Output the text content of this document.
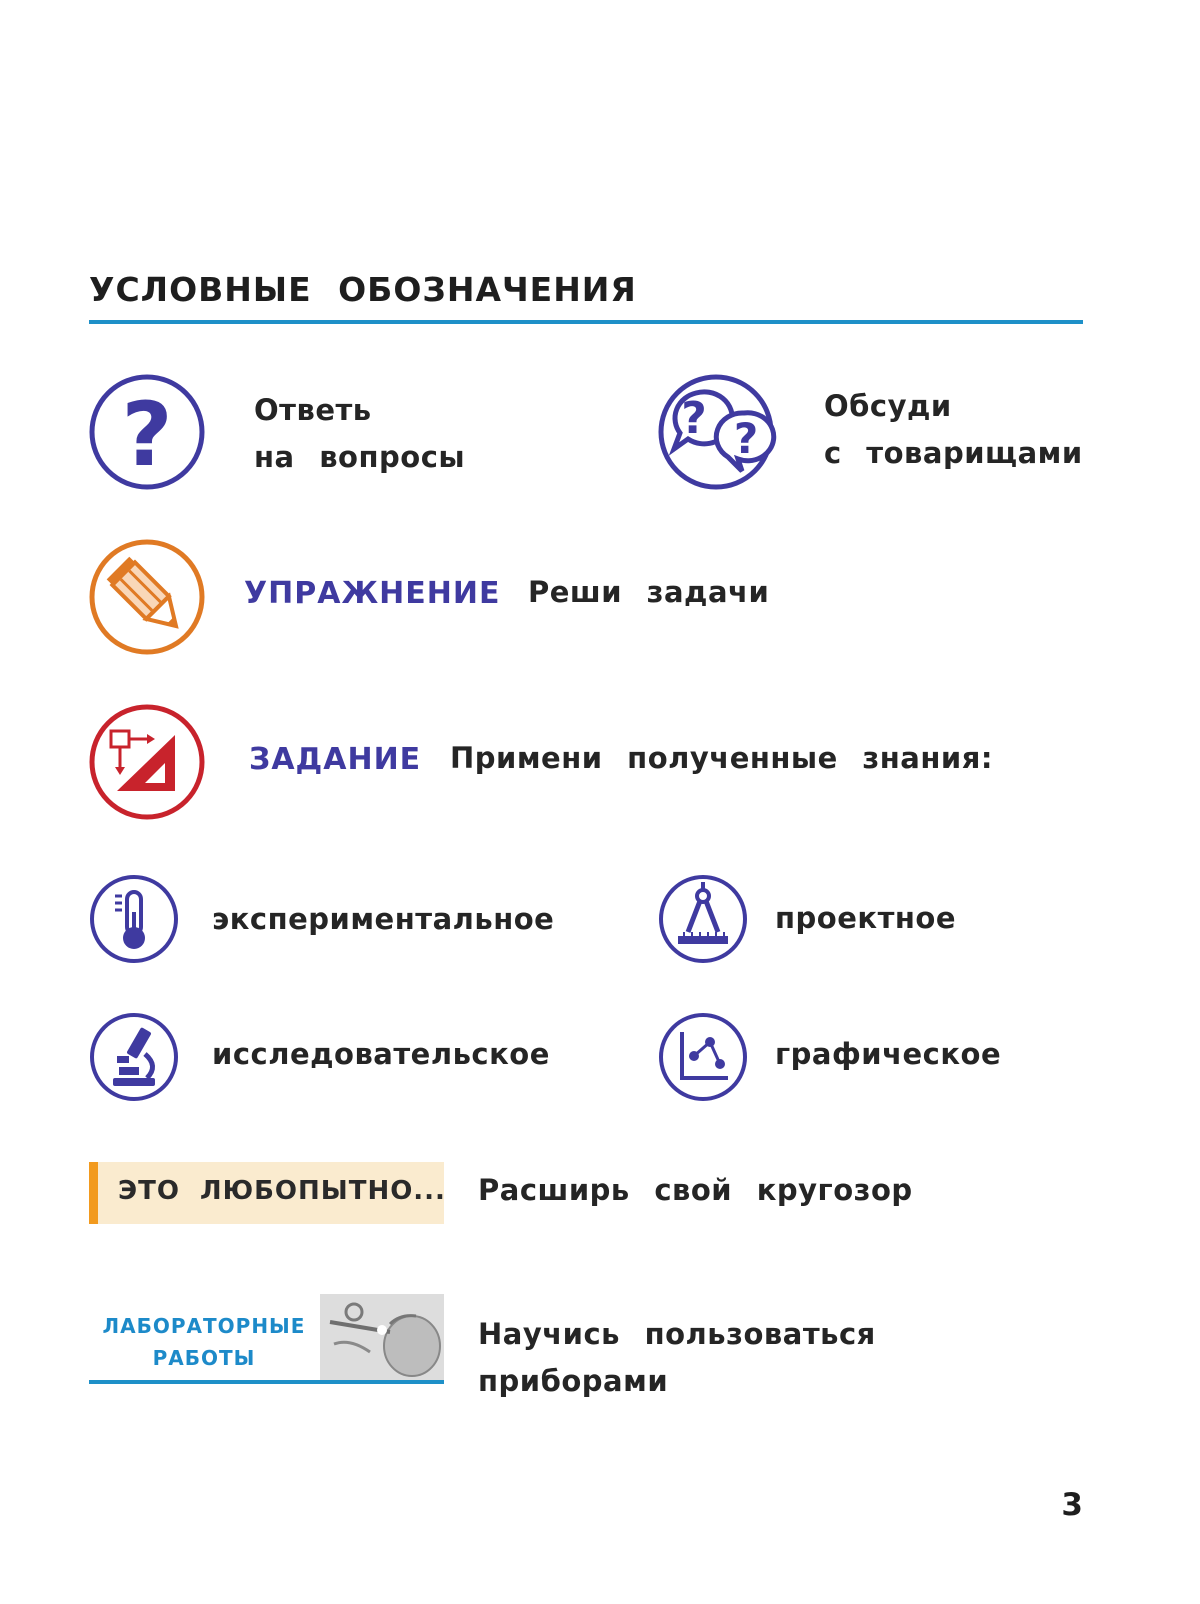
УСЛОВНЫЕ ОБОЗНАЧЕНИЯ
?	Ответь
на вопросы
? ?
Обсуди
с товарищами
УПРАЖНЕНИЕ Реши задачи
ЗАДАНИЕ Примени полученные знания:
экспериментальное	проектное
исследовательское	графическое
ЭТО ЛЮБОПЫТНО... Расширь свой кругозор
ЛАБОРАТОРНЫЕ
РАБОТЫ
Научись пользоваться
приборами
3
